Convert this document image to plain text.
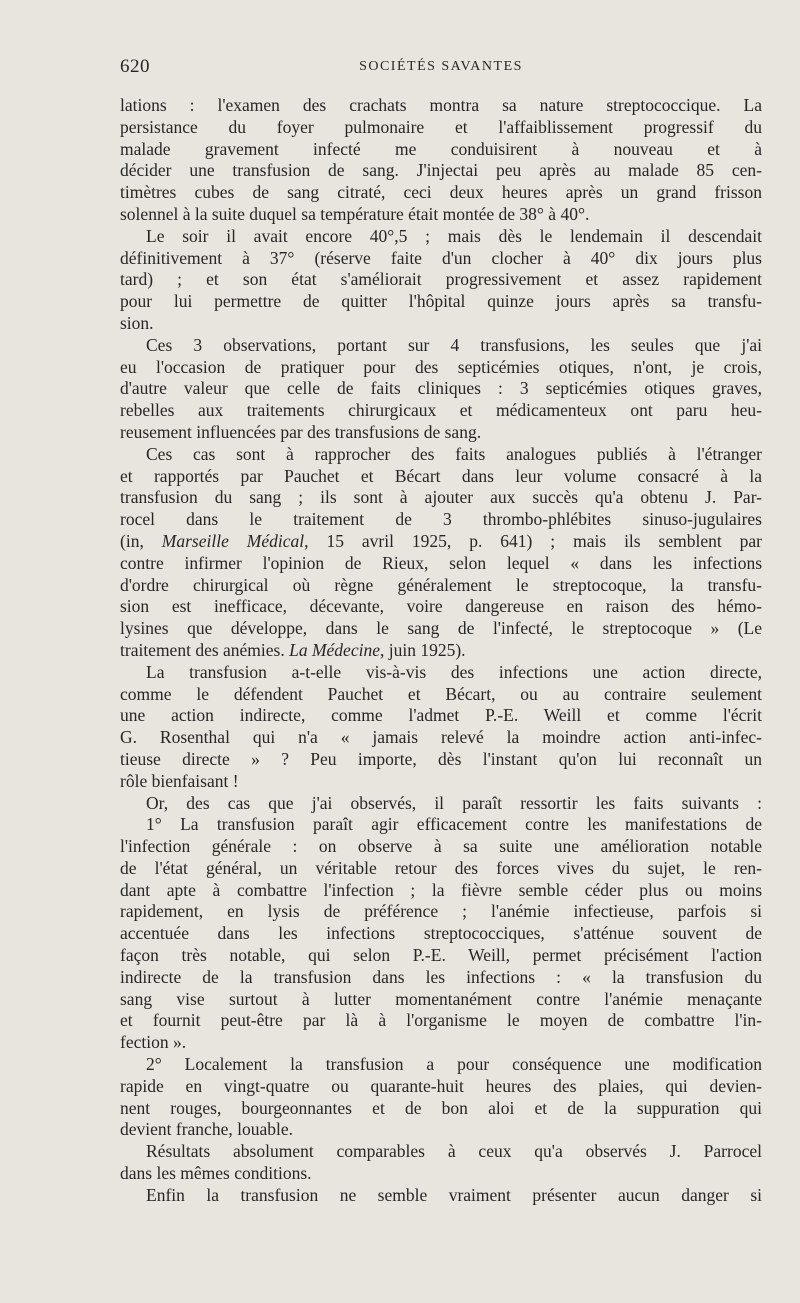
620	SOCIÉTÉS SAVANTES
lations : l'examen des crachats montra sa nature streptococcique. La
persistance du foyer pulmonaire et l'affaiblissement progressif du
malade gravement infecté me conduisirent à nouveau et à
décider une transfusion de sang. J'injectai peu après au malade 85 cen-
timètres cubes de sang citraté, ceci deux heures après un grand frisson
solennel à la suite duquel sa température était montée de 38° à 40°.
Le soir il avait encore 40°,5 ; mais dès le lendemain il descendait
définitivement à 37° (réserve faite d'un clocher à 40° dix jours plus
tard) ; et son état s'améliorait progressivement et assez rapidement
pour lui permettre de quitter l'hôpital quinze jours après sa transfu-
sion.
Ces 3 observations, portant sur 4 transfusions, les seules que j'ai
eu l'occasion de pratiquer pour des septicémies otiques, n'ont, je crois,
d'autre valeur que celle de faits cliniques : 3 septicémies otiques graves,
rebelles aux traitements chirurgicaux et médicamenteux ont paru heu-
reusement influencées par des transfusions de sang.
Ces cas sont à rapprocher des faits analogues publiés à l'étranger
et rapportés par Pauchet et Bécart dans leur volume consacré à la
transfusion du sang ; ils sont à ajouter aux succès qu'a obtenu J. Par-
rocel dans le traitement de 3 thrombo-phlébites sinuso-jugulaires
(in, Marseille Médical, 15 avril 1925, p. 641) ; mais ils semblent par
contre infirmer l'opinion de Rieux, selon lequel « dans les infections
d'ordre chirurgical où règne généralement le streptocoque, la transfu-
sion est inefficace, décevante, voire dangereuse en raison des hémo-
lysines que développe, dans le sang de l'infecté, le streptocoque » (Le
traitement des anémies. La Médecine, juin 1925).
La transfusion a-t-elle vis-à-vis des infections une action directe,
comme le défendent Pauchet et Bécart, ou au contraire seulement
une action indirecte, comme l'admet P.-E. Weill et comme l'écrit
G. Rosenthal qui n'a « jamais relevé la moindre action anti-infec-
tieuse directe » ? Peu importe, dès l'instant qu'on lui reconnaît un
rôle bienfaisant !
Or, des cas que j'ai observés, il paraît ressortir les faits suivants :
1° La transfusion paraît agir efficacement contre les manifestations de
l'infection générale : on observe à sa suite une amélioration notable
de l'état général, un véritable retour des forces vives du sujet, le ren-
dant apte à combattre l'infection ; la fièvre semble céder plus ou moins
rapidement, en lysis de préférence ; l'anémie infectieuse, parfois si
accentuée dans les infections streptococciques, s'atténue souvent de
façon très notable, qui selon P.-E. Weill, permet précisément l'action
indirecte de la transfusion dans les infections : « la transfusion du
sang vise surtout à lutter momentanément contre l'anémie menaçante
et fournit peut-être par là à l'organisme le moyen de combattre l'in-
fection ».
2° Localement la transfusion a pour conséquence une modification
rapide en vingt-quatre ou quarante-huit heures des plaies, qui devien-
nent rouges, bourgeonnantes et de bon aloi et de la suppuration qui
devient franche, louable.
Résultats absolument comparables à ceux qu'a observés J. Parrocel
dans les mêmes conditions.
Enfin la transfusion ne semble vraiment présenter aucun danger si
